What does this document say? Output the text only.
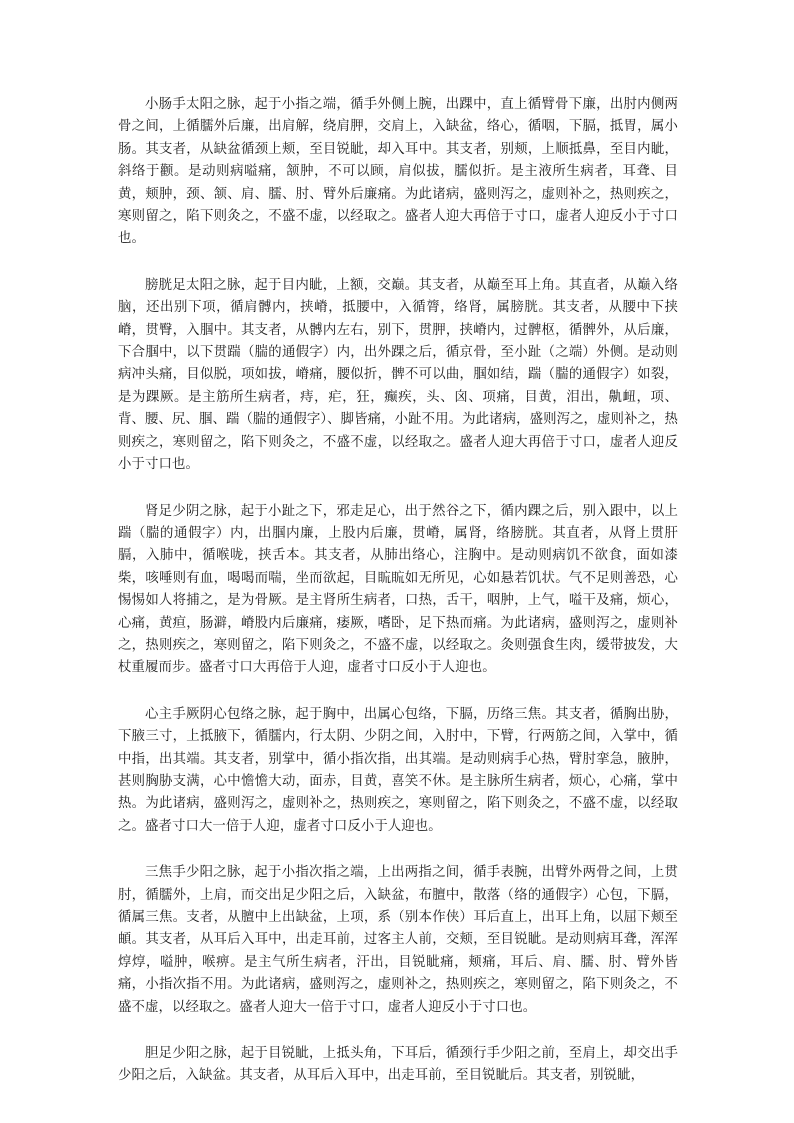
小肠手太阳之脉，起于小指之端，循手外侧上腕，出踝中，直上循臂骨下廉，出肘内侧两骨之间，上循臑外后廉，出肩解，绕肩胛，交肩上，入缺盆，络心，循咽，下膈，抵胃，属小肠。其支者，从缺盆循颈上颊，至目锐眦，却入耳中。其支者，别颊，上顺抵鼻，至目内眦，斜络于颧。是动则病嗌痛，颔肿，不可以顾，肩似拔，臑似折。是主液所生病者，耳聋、目黄，颊肿，颈、颔、肩、臑、肘、臂外后廉痛。为此诸病，盛则泻之，虚则补之，热则疾之，寒则留之，陷下则灸之，不盛不虚，以经取之。盛者人迎大再倍于寸口，虚者人迎反小于寸口也。

膀胱足太阳之脉，起于目内眦，上额，交巅。其支者，从巅至耳上角。其直者，从巅入络脑，还出别下项，循肩髆内，挟嵴，抵腰中，入循膂，络肾，属膀胱。其支者，从腰中下挟嵴，贯臀，入腘中。其支者，从髆内左右，别下，贯胛，挟嵴内，过髀枢，循髀外，从后廉，下合腘中，以下贯踹（腨的通假字）内，出外踝之后，循京骨，至小趾（之端）外侧。是动则病冲头痛，目似脱，项如拔，嵴痛，腰似折，髀不可以曲，腘如结，踹（腨的通假字）如裂，是为踝厥。是主筋所生病者，痔，疟，狂，癫疾，头、囟、项痛，目黄，泪出，鼽衄，项、背、腰、尻、腘、踹（腨的通假字）、脚皆痛，小趾不用。为此诸病，盛则泻之，虚则补之，热则疾之，寒则留之，陷下则灸之，不盛不虚，以经取之。盛者人迎大再倍于寸口，虚者人迎反小于寸口也。

肾足少阴之脉，起于小趾之下，邪走足心，出于然谷之下，循内踝之后，别入跟中，以上踹（腨的通假字）内，出腘内廉，上股内后廉，贯嵴，属肾，络膀胱。其直者，从肾上贯肝膈，入肺中，循喉咙，挟舌本。其支者，从肺出络心，注胸中。是动则病饥不欲食，面如漆柴，咳唾则有血，喝喝而喘，坐而欲起，目䀮䀮如无所见，心如悬若饥状。气不足则善恐，心惕惕如人将捕之，是为骨厥。是主肾所生病者，口热，舌干，咽肿，上气，嗌干及痛，烦心，心痛，黄疸，肠澼，嵴股内后廉痛，痿厥，嗜卧，足下热而痛。为此诸病，盛则泻之，虚则补之，热则疾之，寒则留之，陷下则灸之，不盛不虚，以经取之。灸则强食生肉，缓带披发，大杖重履而步。盛者寸口大再倍于人迎，虚者寸口反小于人迎也。

心主手厥阴心包络之脉，起于胸中，出属心包络，下膈，历络三焦。其支者，循胸出胁，下腋三寸，上抵腋下，循臑内，行太阴、少阴之间，入肘中，下臂，行两筋之间，入掌中，循中指，出其端。其支者，别掌中，循小指次指，出其端。是动则病手心热，臂肘挛急，腋肿，甚则胸胁支满，心中憺憺大动，面赤，目黄，喜笑不休。是主脉所生病者，烦心，心痛，掌中热。为此诸病，盛则泻之，虚则补之，热则疾之，寒则留之，陷下则灸之，不盛不虚，以经取之。盛者寸口大一倍于人迎，虚者寸口反小于人迎也。

三焦手少阳之脉，起于小指次指之端，上出两指之间，循手表腕，出臂外两骨之间，上贯肘，循臑外，上肩，而交出足少阳之后，入缺盆，布膻中，散落（络的通假字）心包，下膈，循属三焦。支者，从膻中上出缺盆，上项，系（别本作侠）耳后直上，出耳上角，以屈下颊至頔。其支者，从耳后入耳中，出走耳前，过客主人前，交颊，至目锐眦。是动则病耳聋，浑浑焞焞，嗌肿，喉痹。是主气所生病者，汗出，目锐眦痛，颊痛，耳后、肩、臑、肘、臂外皆痛，小指次指不用。为此诸病，盛则泻之，虚则补之，热则疾之，寒则留之，陷下则灸之，不盛不虚，以经取之。盛者人迎大一倍于寸口，虚者人迎反小于寸口也。

胆足少阳之脉，起于目锐眦，上抵头角，下耳后，循颈行手少阳之前，至肩上，却交出手少阳之后，入缺盆。其支者，从耳后入耳中，出走耳前，至目锐眦后。其支者，别锐眦，
